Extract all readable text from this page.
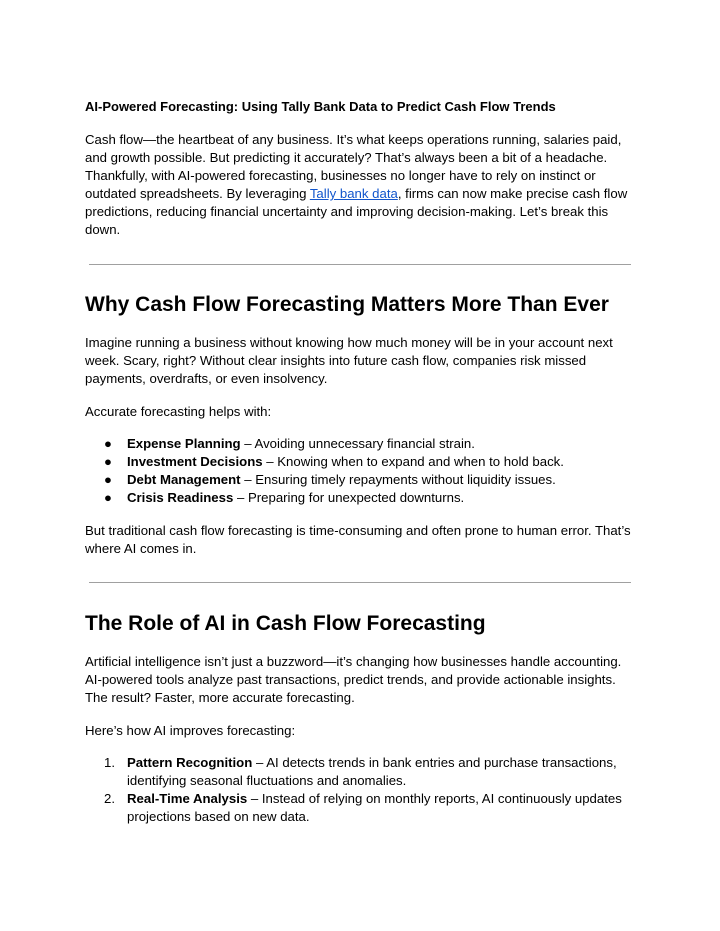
AI-Powered Forecasting: Using Tally Bank Data to Predict Cash Flow Trends

Cash flow—the heartbeat of any business. It’s what keeps operations running, salaries paid, and growth possible. But predicting it accurately? That’s always been a bit of a headache. Thankfully, with AI-powered forecasting, businesses no longer have to rely on instinct or outdated spreadsheets. By leveraging Tally bank data, firms can now make precise cash flow predictions, reducing financial uncertainty and improving decision-making. Let’s break this down.

Why Cash Flow Forecasting Matters More Than Ever

Imagine running a business without knowing how much money will be in your account next week. Scary, right? Without clear insights into future cash flow, companies risk missed payments, overdrafts, or even insolvency.

Accurate forecasting helps with:

● Expense Planning – Avoiding unnecessary financial strain.
● Investment Decisions – Knowing when to expand and when to hold back.
● Debt Management – Ensuring timely repayments without liquidity issues.
● Crisis Readiness – Preparing for unexpected downturns.

But traditional cash flow forecasting is time-consuming and often prone to human error. That’s where AI comes in.

The Role of AI in Cash Flow Forecasting

Artificial intelligence isn’t just a buzzword—it’s changing how businesses handle accounting. AI-powered tools analyze past transactions, predict trends, and provide actionable insights. The result? Faster, more accurate forecasting.

Here’s how AI improves forecasting:

1. Pattern Recognition – AI detects trends in bank entries and purchase transactions, identifying seasonal fluctuations and anomalies.
2. Real-Time Analysis – Instead of relying on monthly reports, AI continuously updates projections based on new data.
